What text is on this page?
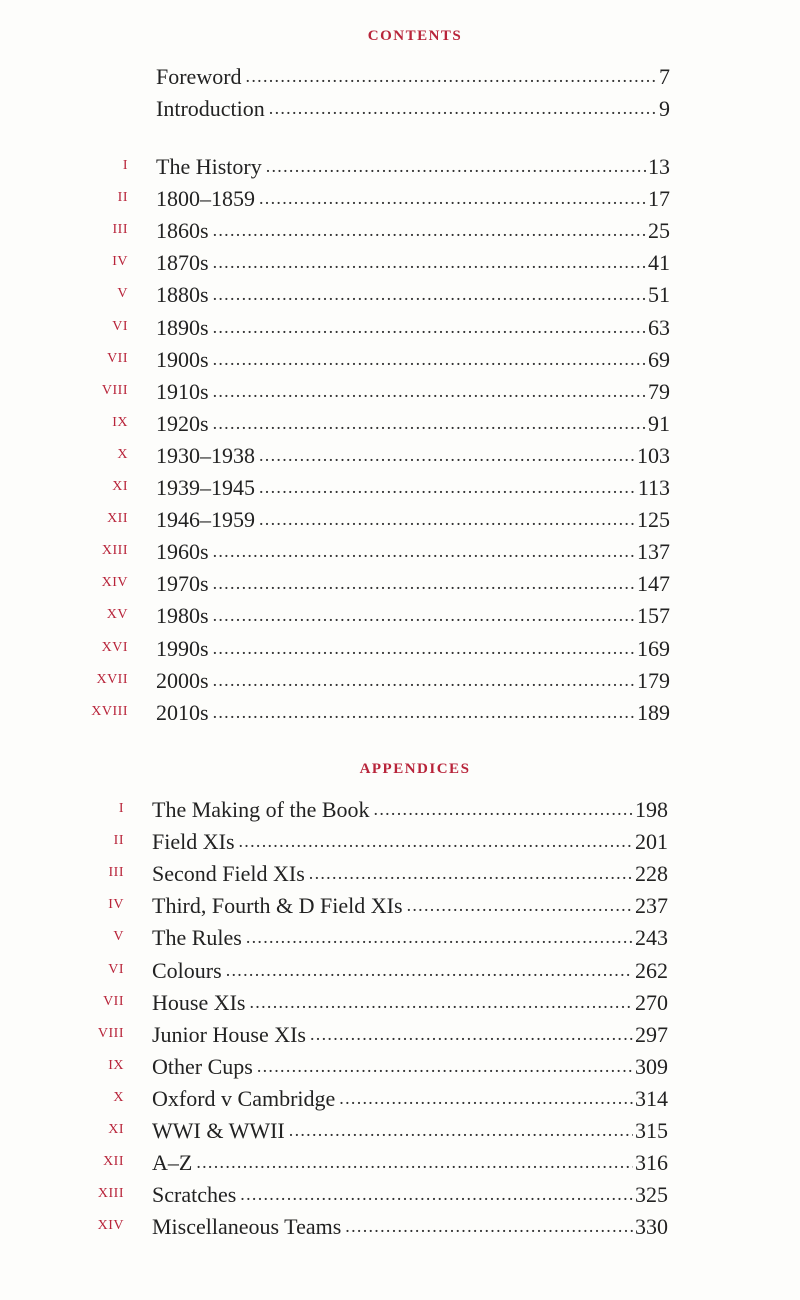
CONTENTS
Foreword . . .	7
Introduction . . .	9
I The History . . .	13
II 1800–1859 . . .	17
III 1860s . . .	25
IV 1870s . . .	41
V 1880s . . .	51
VI 1890s . . .	63
VII 1900s . . .	69
VIII 1910s . . .	79
IX 1920s . . .	91
X 1930–1938 . . .	103
XI 1939–1945 . . .	113
XII 1946–1959 . . .	125
XIII 1960s . . .	137
XIV 1970s . . .	147
XV 1980s . . .	157
XVI 1990s . . .	169
XVII 2000s . . .	179
XVIII 2010s . . .	189
APPENDICES
I The Making of the Book . . .	198
II Field XIs . . .	201
III Second Field XIs . . .	228
IV Third, Fourth & D Field XIs . . .	237
V The Rules . . .	243
VI Colours . . .	262
VII House XIs . . .	270
VIII Junior House XIs . . .	297
IX Other Cups . . .	309
X Oxford v Cambridge . . .	314
XI WWI & WWII . . .	315
XII A–Z . . .	316
XIII Scratches . . .	325
XIV Miscellaneous Teams . . .	330
